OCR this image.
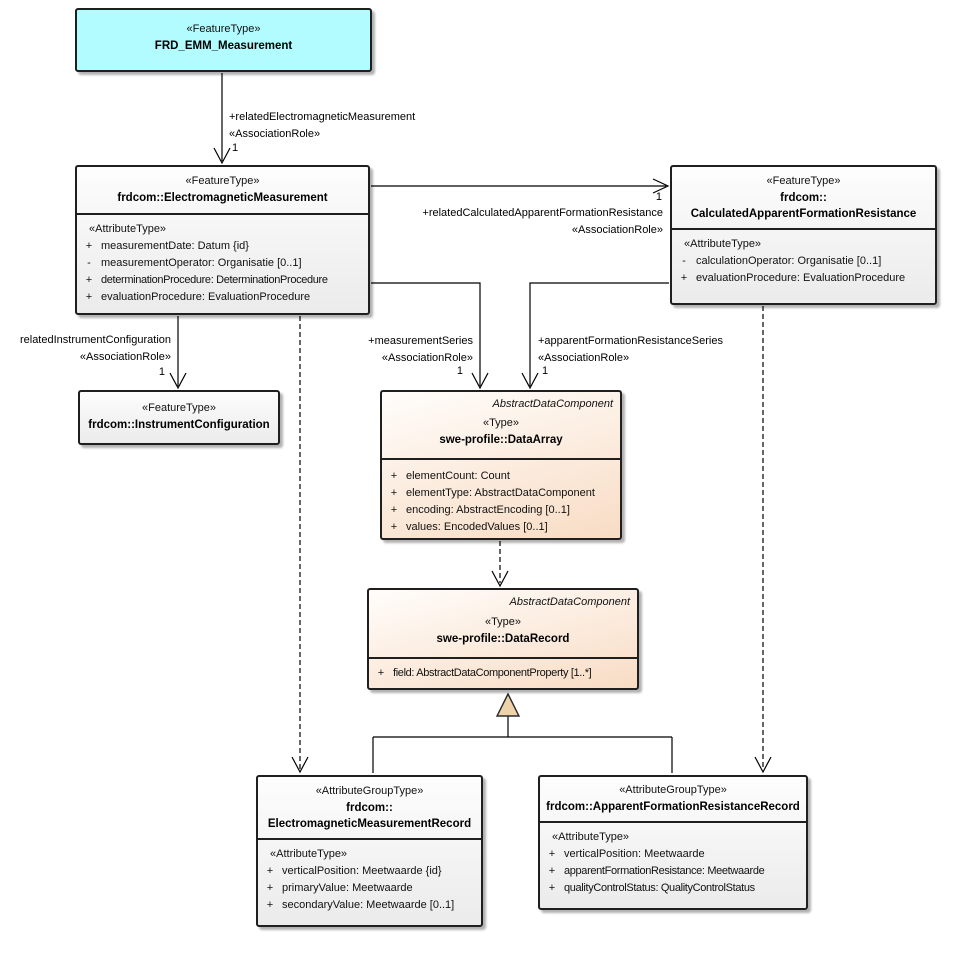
+relatedElectromagneticMeasurement
«AssociationRole»
1
+relatedCalculatedApparentFormationResistance
«AssociationRole»
1
relatedInstrumentConfiguration
«AssociationRole»
1
+measurementSeries
«AssociationRole»
1
+apparentFormationResistanceSeries
«AssociationRole»
1
«FeatureType»
FRD_EMM_Measurement
«FeatureType»
frdcom::ElectromagneticMeasurement
«AttributeType»
+ measurementDate: Datum {id}
- measurementOperator: Organisatie [0..1]
+ determinationProcedure: DeterminationProcedure
+ evaluationProcedure: EvaluationProcedure
«FeatureType»
frdcom::
CalculatedApparentFormationResistance
«AttributeType»
- calculationOperator: Organisatie [0..1]
+ evaluationProcedure: EvaluationProcedure
«FeatureType»
frdcom::InstrumentConfiguration
AbstractDataComponent
«Type»
swe-profile::DataArray
+ elementCount: Count
+ elementType: AbstractDataComponent
+ encoding: AbstractEncoding [0..1]
+ values: EncodedValues [0..1]
AbstractDataComponent
«Type»
swe-profile::DataRecord
+ field: AbstractDataComponentProperty [1..*]
«AttributeGroupType»
frdcom::
ElectromagneticMeasurementRecord
«AttributeType»
+ verticalPosition: Meetwaarde {id}
+ primaryValue: Meetwaarde
+ secondaryValue: Meetwaarde [0..1]
«AttributeGroupType»
frdcom::ApparentFormationResistanceRecord
«AttributeType»
+ verticalPosition: Meetwaarde
+ apparentFormationResistance: Meetwaarde
+ qualityControlStatus: QualityControlStatus
